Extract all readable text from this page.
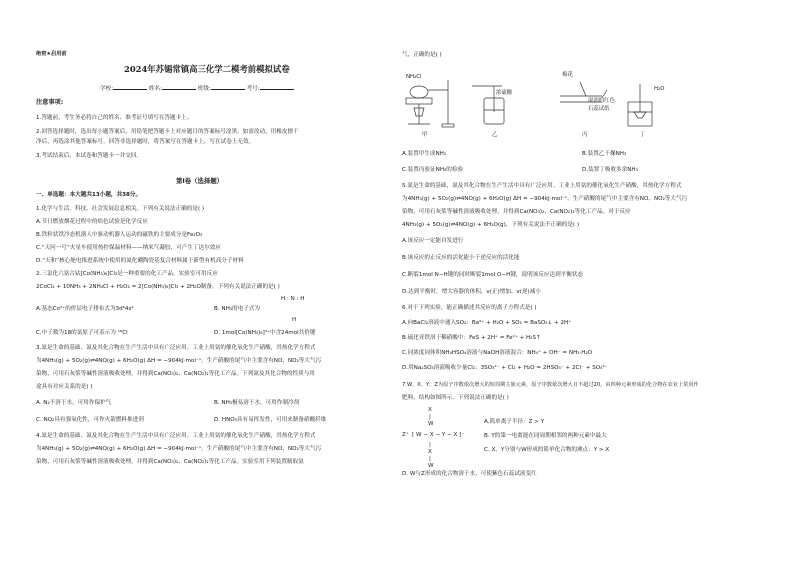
绝密★启用前
2024年苏锡常镇高三化学二模考前模拟试卷
学校:	姓名:	班级:	考号:
注意事项:
1.答题前，考生务必将自己的姓名、准考证号填写在答题卡上。
2.回答选择题时，选出每小题答案后，用铅笔把答题卡上对应题目的答案标号涂黑，如需改动，用橡皮擦干
净后，再选涂其他答案标号。回答非选择题时，将答案写在答题卡上，写在试卷上无效。
3.考试结束后，本试卷和答题卡一并交回。
第I卷（选择题）
一、单选题：本大题共13小题，共38分。
1.化学与生活、科技、社会发展息息相关。下列有关说法正确的是( )
A.节日燃放烟花过程中的焰色试验是化学反应
B.铁粒状铁冷态机器人中驱动机器人运动的磁铁的主要成分是Fe₂O₃
C.“天问一号”火星车使用热控保温材料——纳米气凝胶，可产生丁达尔效应
D.“天和”核心舱电推进系统中使用的氮化硼陶瓷基复合材料属于新型有机高分子材料
2.三氯化六氨合钴[Co(NH₃)₆]Cl₃是一种重要的化工产品，实验室可用反应
2CoCl₂ + 10NH₃ + 2NH₄Cl + H₂O₂ = 2[Co(NH₃)₆]Cl₃ + 2H₂O制备。下列有关说法正确的是( )
A.基态Co²⁺的价层电子排布式为3d⁶4s²	B. NH₃的电子式为
H : N : H
H
C.中子数为18的氯原子可表示为 ¹⁸Cl	D. 1mol[Co(NH₃)₆]³⁺中含24mol共价键
3.氮是生命的基础，氮及其化合物在生产生活中具有广泛应用。工业上用氨的催化氧化生产硝酸，其热化学方程式
为4NH₃(g) + 5O₂(g)⇌4NO(g) + 6H₂O(g) ΔH = −904kJ·mol⁻¹。生产硝酸的尾气中主要含有NO、NO₂等大气污
染物，可用石灰浆等碱性溶液吸收处理，并得到Ca(NO₃)₂、Ca(NO₂)₂等化工产品。下列氮及其化合物的性质与用
途具有对应关系的是( )
A. N₂不溶于水，可用作保护气	B. NH₃极易溶于水，可用作制冷剂
C. NO₂具有强氧化性，可作火箭燃料推进剂	D. HNO₃具有易挥发性，可用来制备硝酸纤维
4.氮是生命的基础，氮及其化合物在生产生活中具有广泛应用。工业上用氨的催化氧化生产硝酸，其热化学方程式
为4NH₃(g) + 5O₂(g)⇌4NO(g) + 6H₂O(g) ΔH = −904kJ·mol⁻¹。生产硝酸的尾气中主要含有NO、NO₂等大气污
染物，可用石灰浆等碱性溶液吸收处理，并得到Ca(NO₃)₂、Ca(NO₂)₂等化工产品。实验室用下列装置制取氨
气，正确的是( )
NH₄Cl
浓硫酸
棉花
湿润的红色
石蕊试纸
H₂O
甲	乙	丙	丁
A.装置甲生成NH₃	B.装置乙干燥NH₃
C.装置丙验证NH₃的检验	D.装置丁吸收多余NH₃
5.氮是生命的基础，氮及其化合物在生产生活中具有广泛应用。工业上用氨的催化氧化生产硝酸，其热化学方程式
为4NH₃(g) + 5O₂(g)⇌4NO(g) + 6H₂O(g) ΔH = −904kJ·mol⁻¹。生产硝酸的尾气中主要含有NO、NO₂等大气污
染物，可用石灰浆等碱性溶液吸收处理，并得到Ca(NO₃)₂、Ca(NO₂)₂等化工产品。对于反应
4NH₃(g) + 5O₂(g)⇌4NO(g) + 6H₂O(g)，下列有关说法不正确的是( )
A.该反应一定能自发进行
B.该反应的正反应的活化能小于逆反应的活化能
C.断裂1mol N−H键的同时断裂1mol O−H键，说明该反应达到平衡状态
D.达到平衡时，增大容器的体积，v(正)增加、v(逆)减小
6.对于下列实验，能正确描述其反应的离子方程式是( )
A.向BaCl₂溶液中通入SO₂：Ba²⁺ + H₂O + SO₂ = BaSO₃↓ + 2H⁺
B.硫化亚铁溶于稀硝酸中：FeS + 2H⁺ = Fe²⁺ + H₂S↑
C.同浓度同体积NH₄HSO₄溶液与NaOH溶液混合：NH₄⁺ + OH⁻ = NH₃·H₂O
D.用Na₂SO₃溶液吸收少量Cl₂：3SO₃²⁻ + Cl₂ + H₂O = 2HSO₃⁻ + 2Cl⁻ + SO₄²⁻
7.W、X、Y、Z为原子序数依次增大的短周期主族元素，原子序数依次增大且不超过20，由四种元素形成的化合物在农业上常用作
肥料，结构如图所示。下列说法正确的是( )
X
|
W
Z⁺ [ W − X − Y − X ]⁻
|
X
|
W
A.简单离子半径：Z > Y
B. Y的第一电离能在同周期相邻的两种元素中最大
C. X、Y分别与W形成的简单化合物的沸点：Y > X
D. W与Z形成的化合物溶于水，可使紫色石蕊试液变红
